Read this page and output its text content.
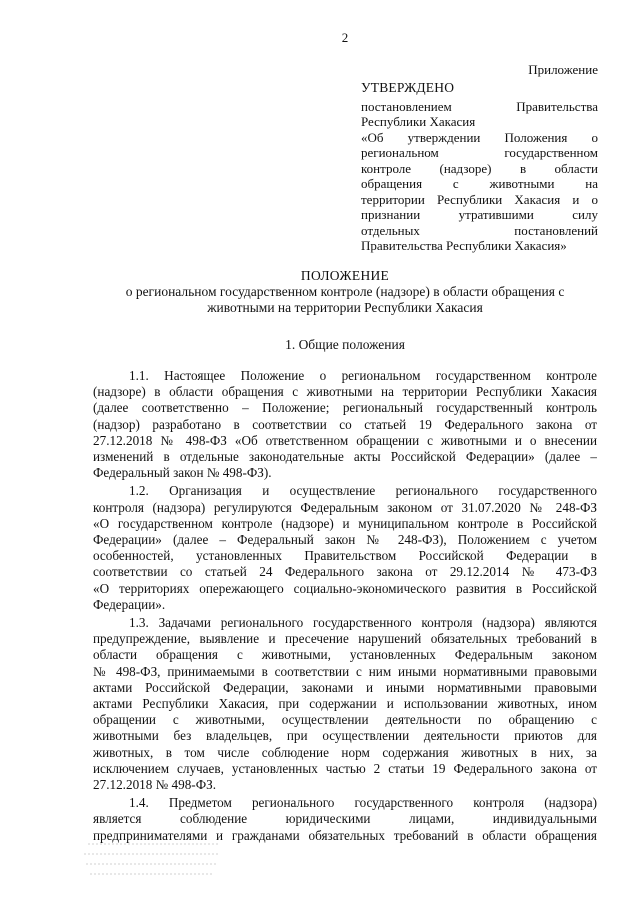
2
Приложение
УТВЕРЖДЕНО
постановлением Правительства
Республики Хакасия
«Об утверждении Положения о
региональном государственном
контроле (надзоре) в области
обращения с животными на
территории Республики Хакасия и о
признании утратившими силу
отдельных постановлений
Правительства Республики Хакасия»
ПОЛОЖЕНИЕ
о региональном государственном контроле (надзоре) в области обращения с
животными на территории Республики Хакасия
1. Общие положения
1.1. Настоящее Положение о региональном государственном контроле
(надзоре) в области обращения с животными на территории Республики Хакасия
(далее соответственно – Положение; региональный государственный контроль
(надзор) разработано в соответствии со статьей 19 Федерального закона от
27.12.2018 № 498-ФЗ «Об ответственном обращении с животными и о внесении
изменений в отдельные законодательные акты Российской Федерации» (далее –
Федеральный закон № 498-ФЗ).
1.2. Организация и осуществление регионального государственного
контроля (надзора) регулируются Федеральным законом от 31.07.2020 № 248-ФЗ
«О государственном контроле (надзоре) и муниципальном контроле в Российской
Федерации» (далее – Федеральный закон № 248-ФЗ), Положением с учетом
особенностей, установленных Правительством Российской Федерации в
соответствии со статьей 24 Федерального закона от 29.12.2014 № 473-ФЗ
«О территориях опережающего социально-экономического развития в Российской
Федерации».
1.3. Задачами регионального государственного контроля (надзора) являются
предупреждение, выявление и пресечение нарушений обязательных требований в
области обращения с животными, установленных Федеральным законом
№ 498-ФЗ, принимаемыми в соответствии с ним иными нормативными правовыми
актами Российской Федерации, законами и иными нормативными правовыми
актами Республики Хакасия, при содержании и использовании животных, ином
обращении с животными, осуществлении деятельности по обращению с
животными без владельцев, при осуществлении деятельности приютов для
животных, в том числе соблюдение норм содержания животных в них, за
исключением случаев, установленных частью 2 статьи 19 Федерального закона от
27.12.2018 № 498-ФЗ.
1.4. Предметом регионального государственного контроля (надзора)
является соблюдение юридическими лицами, индивидуальными
предпринимателями и гражданами обязательных требований в области обращения
